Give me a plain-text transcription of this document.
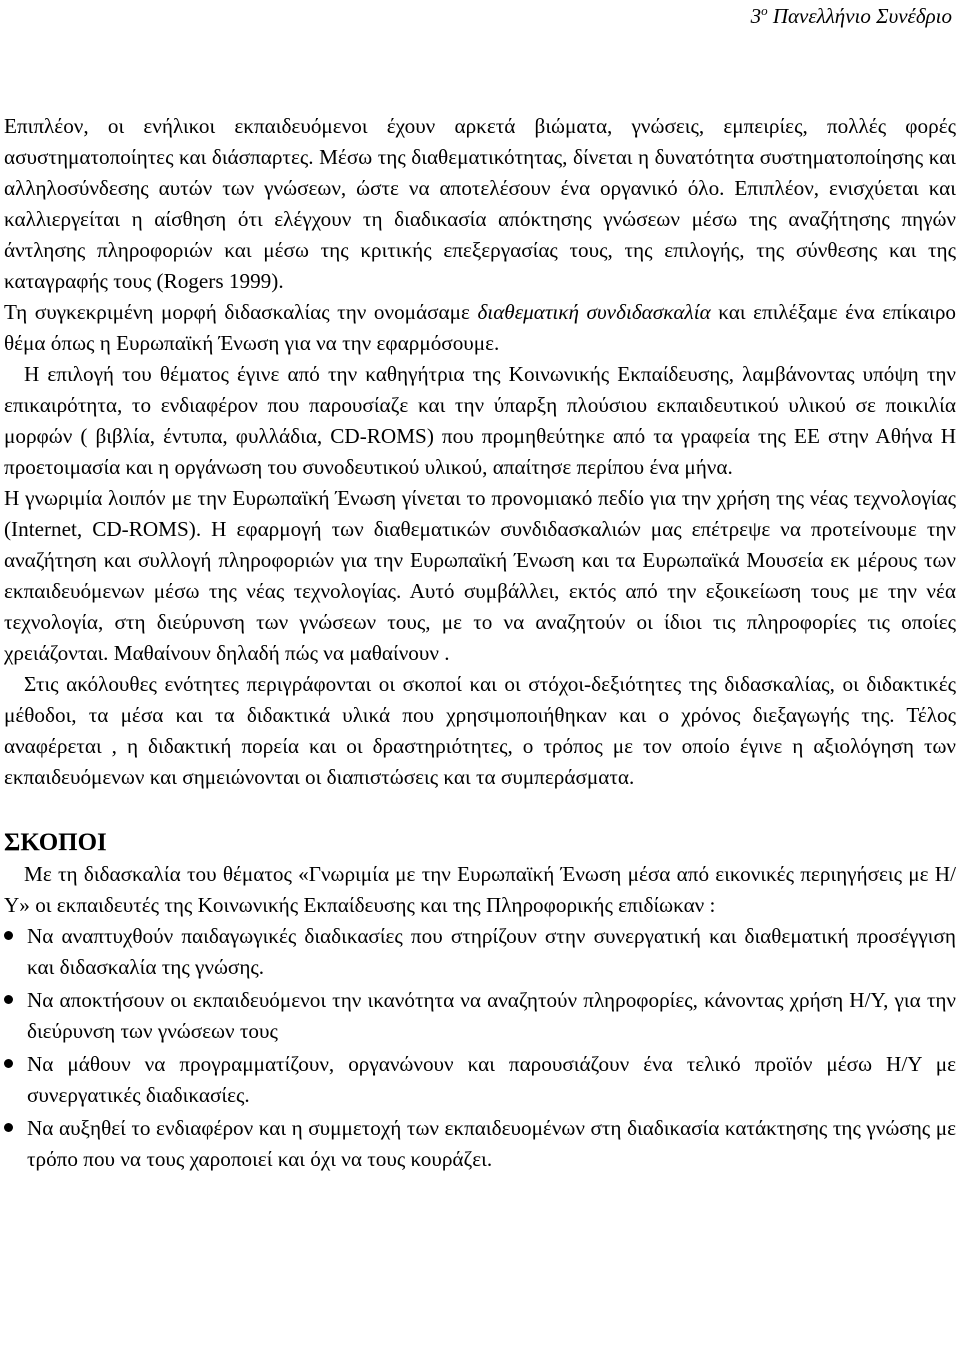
$3^o$ Πανελλήνιο Συνέδριο

Επιπλέον, οι ενήλικοι εκπαιδευόμενοι έχουν αρκετά βιώματα, γνώσεις, εμπειρίες, πολλές φορές ασυστηματοποίητες και διάσπαρτες. Μέσω της διαθεματικότητας, δίνεται η δυνατότητα συστηματοποίησης και αλληλοσύνδεσης αυτών των γνώσεων, ώστε να αποτελέσουν ένα οργανικό όλο. Επιπλέον, ενισχύεται και καλλιεργείται η αίσθηση ότι ελέγχουν τη διαδικασία απόκτησης γνώσεων μέσω της αναζήτησης πηγών άντλησης πληροφοριών και μέσω της κριτικής επεξεργασίας τους, της επιλογής, της σύνθεσης και της καταγραφής τους (Rogers 1999).

Τη συγκεκριμένη μορφή διδασκαλίας την ονομάσαμε διαθεματική συνδιδασκαλία και επιλέξαμε ένα επίκαιρο θέμα όπως η Ευρωπαϊκή Ένωση για να την εφαρμόσουμε.

Η επιλογή του θέματος έγινε από την καθηγήτρια της Κοινωνικής Εκπαίδευσης, λαμβάνοντας υπόψη την επικαιρότητα, το ενδιαφέρον που παρουσίαζε και την ύπαρξη πλούσιου εκπαιδευτικού υλικού σε ποικιλία μορφών ( βιβλία, έντυπα, φυλλάδια, CD-ROMS) που προμηθεύτηκε από τα γραφεία της ΕΕ στην Αθήνα Η προετοιμασία και η οργάνωση του συνοδευτικού υλικού, απαίτησε περίπου ένα μήνα.

Η γνωριμία λοιπόν με την Ευρωπαϊκή Ένωση γίνεται το προνομιακό πεδίο για την χρήση της νέας τεχνολογίας (Internet, CD-ROMS). Η εφαρμογή των διαθεματικών συνδιδασκαλιών μας επέτρεψε να προτείνουμε την αναζήτηση και συλλογή πληροφοριών για την Ευρωπαϊκή Ένωση και τα Ευρωπαϊκά Μουσεία εκ μέρους των εκπαιδευόμενων μέσω της νέας τεχνολογίας. Αυτό συμβάλλει, εκτός από την εξοικείωση τους με την νέα τεχνολογία, στη διεύρυνση των γνώσεων τους, με το να αναζητούν οι ίδιοι τις πληροφορίες τις οποίες χρειάζονται. Μαθαίνουν δηλαδή πώς να μαθαίνουν .

Στις ακόλουθες ενότητες περιγράφονται οι σκοποί και οι στόχοι-δεξιότητες της διδασκαλίας, οι διδακτικές μέθοδοι, τα μέσα και τα διδακτικά υλικά που χρησιμοποιήθηκαν και ο χρόνος διεξαγωγής της. Τέλος αναφέρεται , η διδακτική πορεία και οι δραστηριότητες, ο τρόπος με τον οποίο έγινε η αξιολόγηση των εκπαιδευόμενων και σημειώνονται οι διαπιστώσεις και τα συμπεράσματα.

ΣΚΟΠΟΙ

Με τη διδασκαλία του θέματος «Γνωριμία με την Ευρωπαϊκή Ένωση μέσα από εικονικές περιηγήσεις με Η/Υ» οι εκπαιδευτές της Κοινωνικής Εκπαίδευσης και της Πληροφορικής επιδίωκαν :

Να αναπτυχθούν παιδαγωγικές διαδικασίες που στηρίζουν στην συνεργατική και διαθεματική προσέγγιση και διδασκαλία της γνώσης.
Να αποκτήσουν οι εκπαιδευόμενοι την ικανότητα να αναζητούν πληροφορίες, κάνοντας χρήση Η/Υ, για την διεύρυνση των γνώσεων τους
Να μάθουν να προγραμματίζουν, οργανώνουν και παρουσιάζουν ένα τελικό προϊόν μέσω Η/Υ με συνεργατικές διαδικασίες.
Να αυξηθεί το ενδιαφέρον και η συμμετοχή των εκπαιδευομένων στη διαδικασία κατάκτησης της γνώσης με τρόπο που να τους χαροποιεί και όχι να τους κουράζει.
